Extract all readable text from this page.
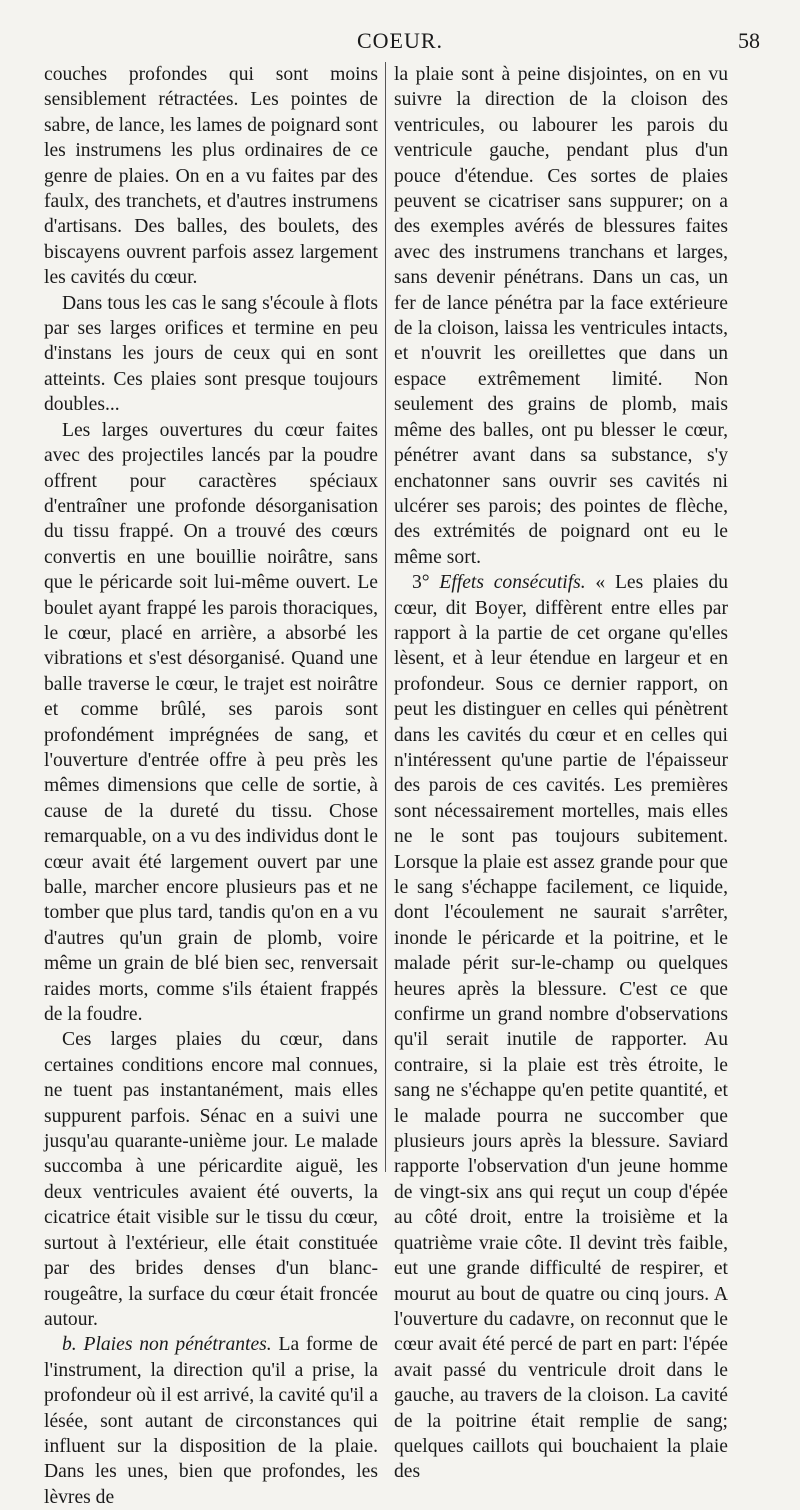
COEUR.	58

couches profondes qui sont moins sensiblement rétractées. Les pointes de sabre, de lance, les lames de poignard sont les instrumens les plus ordinaires de ce genre de plaies. On en a vu faites par des faulx, des tranchets, et d'autres instrumens d'artisans. Des balles, des boulets, des biscayens ouvrent parfois assez largement les cavités du cœur.

Dans tous les cas le sang s'écoule à flots par ses larges orifices et termine en peu d'instans les jours de ceux qui en sont atteints. Ces plaies sont presque toujours doubles...

Les larges ouvertures du cœur faites avec des projectiles lancés par la poudre offrent pour caractères spéciaux d'entraîner une profonde désorganisation du tissu frappé. On a trouvé des cœurs convertis en une bouillie noirâtre, sans que le péricarde soit lui-même ouvert. Le boulet ayant frappé les parois thoraciques, le cœur, placé en arrière, a absorbé les vibrations et s'est désorganisé. Quand une balle traverse le cœur, le trajet est noirâtre et comme brûlé, ses parois sont profondément imprégnées de sang, et l'ouverture d'entrée offre à peu près les mêmes dimensions que celle de sortie, à cause de la dureté du tissu. Chose remarquable, on a vu des individus dont le cœur avait été largement ouvert par une balle, marcher encore plusieurs pas et ne tomber que plus tard, tandis qu'on en a vu d'autres qu'un grain de plomb, voire même un grain de blé bien sec, renversait raides morts, comme s'ils étaient frappés de la foudre.

Ces larges plaies du cœur, dans certaines conditions encore mal connues, ne tuent pas instantanément, mais elles suppurent parfois. Sénac en a suivi une jusqu'au quarante-unième jour. Le malade succomba à une péricardite aiguë, les deux ventricules avaient été ouverts, la cicatrice était visible sur le tissu du cœur, surtout à l'extérieur, elle était constituée par des brides denses d'un blanc-rougeâtre, la surface du cœur était froncée autour.

b. Plaies non pénétrantes. La forme de l'instrument, la direction qu'il a prise, la profondeur où il est arrivé, la cavité qu'il a lésée, sont autant de circonstances qui influent sur la disposition de la plaie. Dans les unes, bien que profondes, les lèvres de

la plaie sont à peine disjointes, on en vu suivre la direction de la cloison des ventricules, ou labourer les parois du ventricule gauche, pendant plus d'un pouce d'étendue. Ces sortes de plaies peuvent se cicatriser sans suppurer; on a des exemples avérés de blessures faites avec des instrumens tranchans et larges, sans devenir pénétrans. Dans un cas, un fer de lance pénétra par la face extérieure de la cloison, laissa les ventricules intacts, et n'ouvrit les oreillettes que dans un espace extrêmement limité. Non seulement des grains de plomb, mais même des balles, ont pu blesser le cœur, pénétrer avant dans sa substance, s'y enchatonner sans ouvrir ses cavités ni ulcérer ses parois; des pointes de flèche, des extrémités de poignard ont eu le même sort.

3° Effets consécutifs. « Les plaies du cœur, dit Boyer, diffèrent entre elles par rapport à la partie de cet organe qu'elles lèsent, et à leur étendue en largeur et en profondeur. Sous ce dernier rapport, on peut les distinguer en celles qui pénètrent dans les cavités du cœur et en celles qui n'intéressent qu'une partie de l'épaisseur des parois de ces cavités. Les premières sont nécessairement mortelles, mais elles ne le sont pas toujours subitement. Lorsque la plaie est assez grande pour que le sang s'échappe facilement, ce liquide, dont l'écoulement ne saurait s'arrêter, inonde le péricarde et la poitrine, et le malade périt sur-le-champ ou quelques heures après la blessure. C'est ce que confirme un grand nombre d'observations qu'il serait inutile de rapporter. Au contraire, si la plaie est très étroite, le sang ne s'échappe qu'en petite quantité, et le malade pourra ne succomber que plusieurs jours après la blessure. Saviard rapporte l'observation d'un jeune homme de vingt-six ans qui reçut un coup d'épée au côté droit, entre la troisième et la quatrième vraie côte. Il devint très faible, eut une grande difficulté de respirer, et mourut au bout de quatre ou cinq jours. A l'ouverture du cadavre, on reconnut que le cœur avait été percé de part en part: l'épée avait passé du ventricule droit dans le gauche, au travers de la cloison. La cavité de la poitrine était remplie de sang; quelques caillots qui bouchaient la plaie des
